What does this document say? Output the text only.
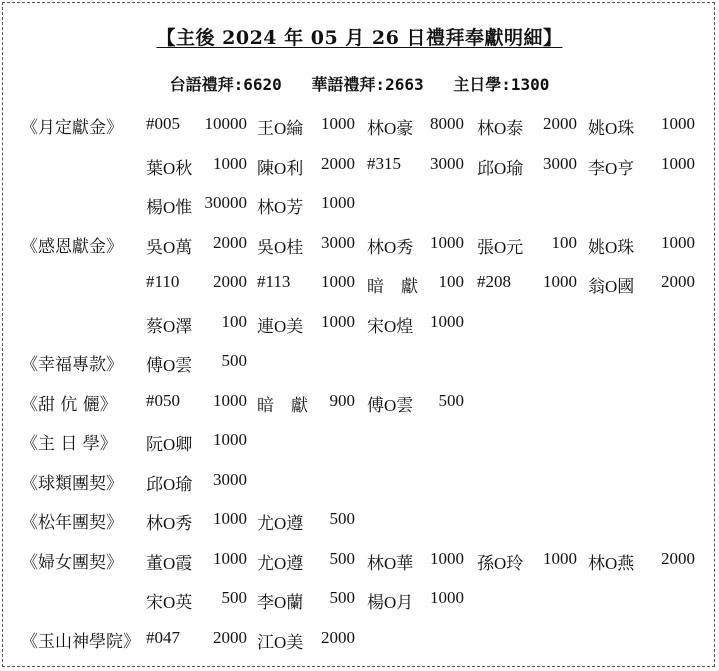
【主後 2024 年 05 月 26 日禮拜奉獻明細】
台語禮拜:6620 華語禮拜:2663 主日學:1300
《月定獻金》 #005 10000 王O綸 1000 林O豪 8000 林O泰 2000 姚O珠 1000
葉O秋 1000 陳O利 2000 #315 3000 邱O瑜 3000 李O亨 1000
楊O惟 30000 林O芳 1000
《感恩獻金》 吳O萬 2000 吳O桂 3000 林O秀 1000 張O元 100 姚O珠 1000
#110 2000 #113 1000 暗　獻 100 #208 1000 翁O國 2000
蔡O澤 100 連O美 1000 宋O煌 1000
《幸福專款》 傅O雲 500
《甜 伉 儷》 #050 1000 暗　獻 900 傅O雲 500
《主 日 學》 阮O卿 1000
《球類團契》 邱O瑜 3000
《松年團契》 林O秀 1000 尤O遵 500
《婦女團契》 董O霞 1000 尤O遵 500 林O華 1000 孫O玲 1000 林O燕 2000
宋O英 500 李O蘭 500 楊O月 1000
《玉山神學院》 #047 2000 江O美 2000
